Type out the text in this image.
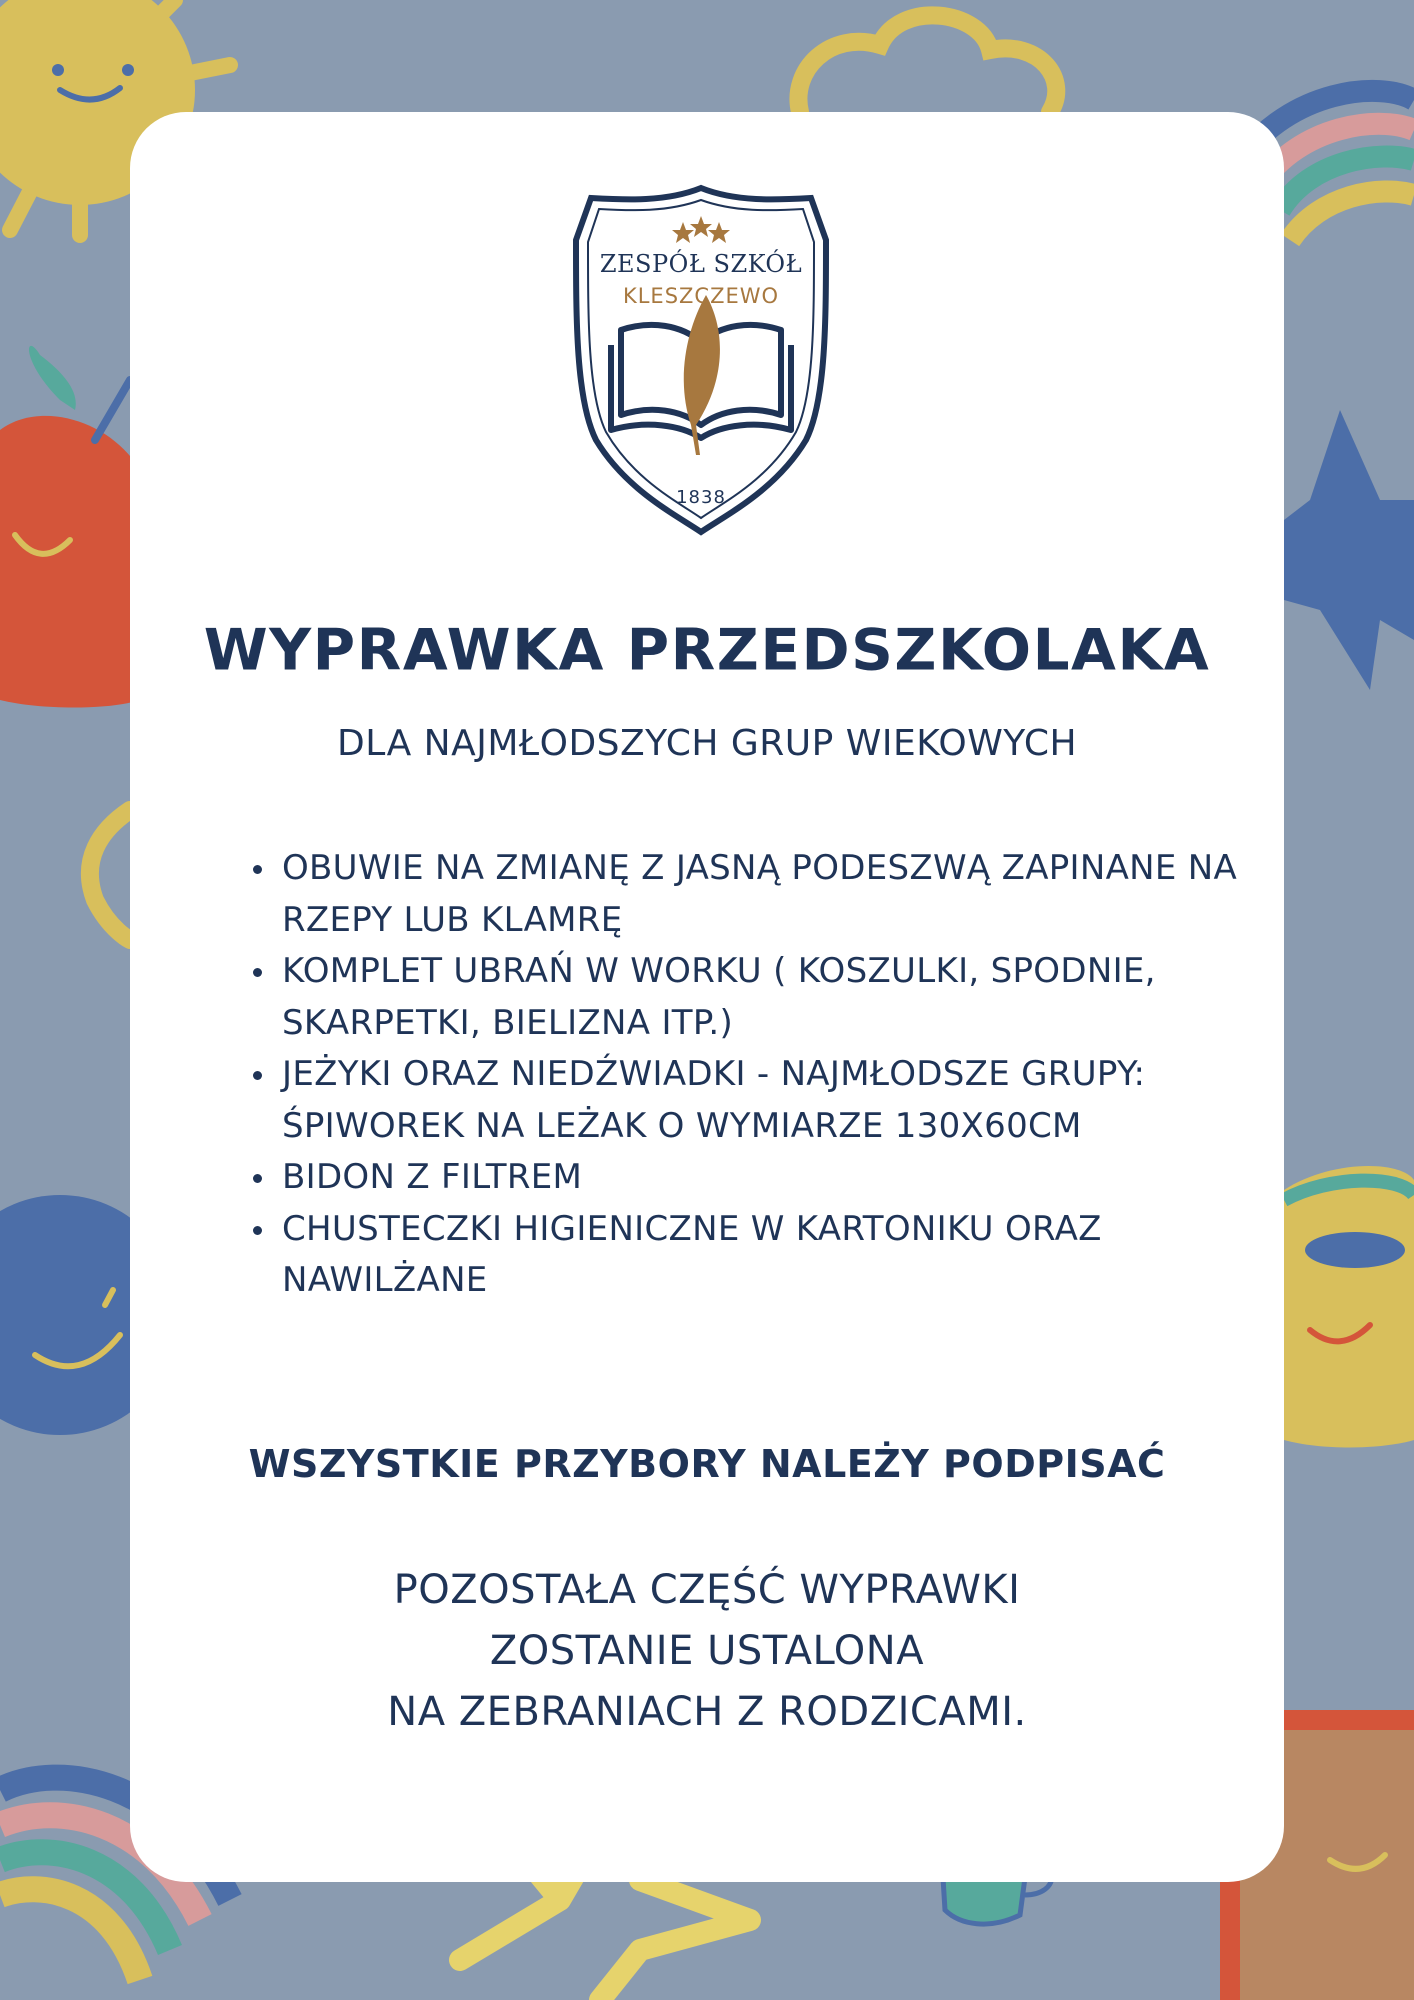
ZESPÓŁ SZKÓŁ
KLESZCZEWO
1838
WYPRAWKA PRZEDSZKOLAKA
DLA NAJMŁODSZYCH GRUP WIEKOWYCH
• OBUWIE NA ZMIANĘ Z JASNĄ PODESZWĄ ZAPINANE NA RZEPY LUB KLAMRĘ
• KOMPLET UBRAŃ W WORKU ( KOSZULKI, SPODNIE, SKARPETKI, BIELIZNA ITP.)
• JEŻYKI ORAZ NIEDŹWIADKI - NAJMŁODSZE GRUPY: ŚPIWOREK NA LEŻAK O WYMIARZE 130X60CM
• BIDON Z FILTREM
• CHUSTECZKI HIGIENICZNE W KARTONIKU ORAZ NAWILŻANE
WSZYSTKIE PRZYBORY NALEŻY PODPISAĆ
POZOSTAŁA CZĘŚĆ WYPRAWKI
ZOSTANIE USTALONA
NA ZEBRANIACH Z RODZICAMI.
